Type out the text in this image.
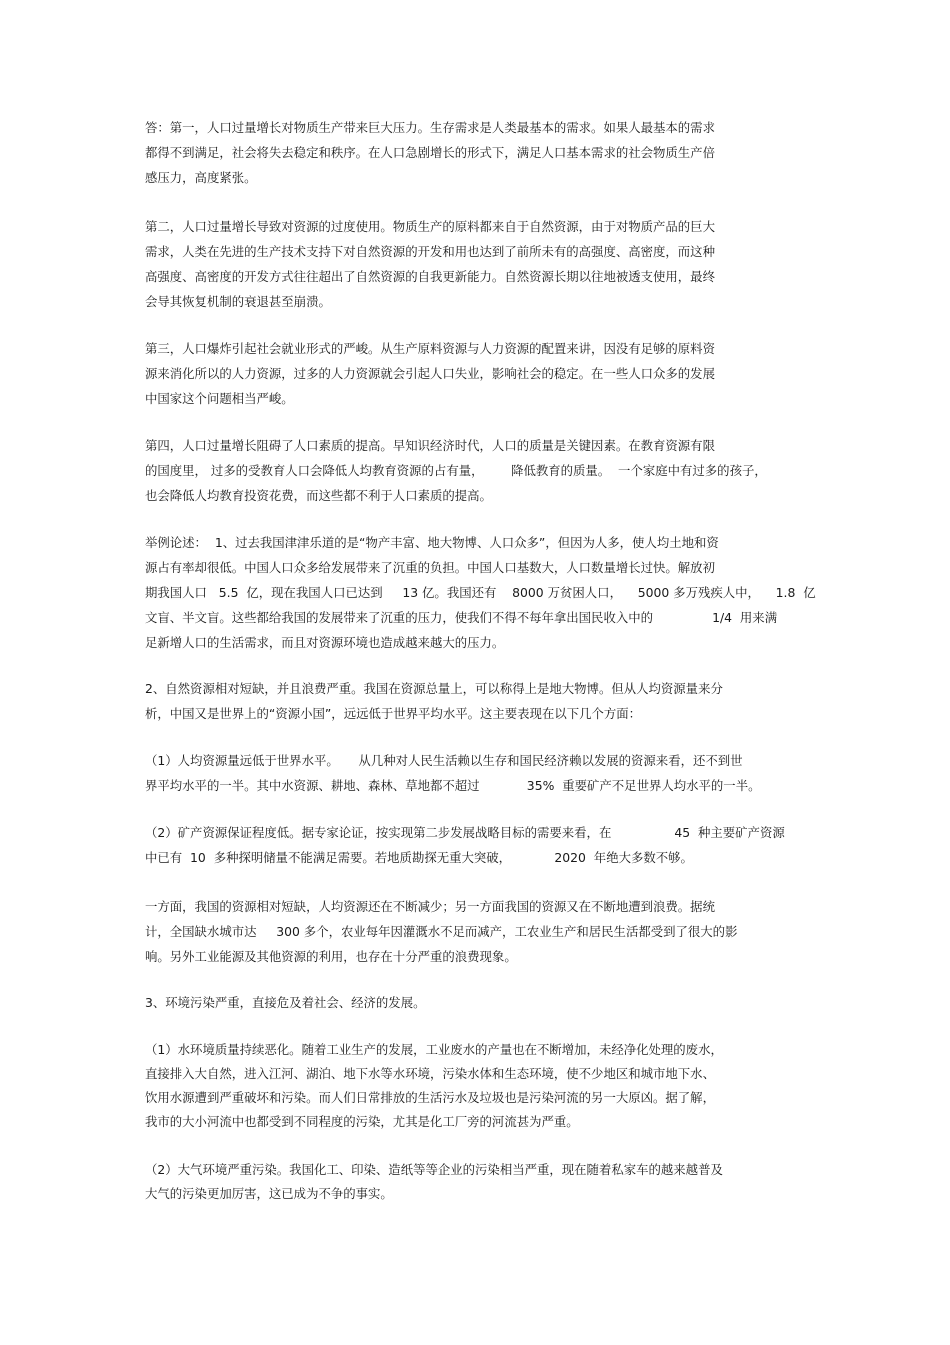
答：第一，人口过量增长对物质生产带来巨大压力。生存需求是人类最基本的需求。如果人最基本的需求
都得不到满足，社会将失去稳定和秩序。在人口急剧增长的形式下，满足人口基本需求的社会物质生产倍
感压力，高度紧张。

第二，人口过量增长导致对资源的过度使用。物质生产的原料都来自于自然资源，由于对物质产品的巨大
需求，人类在先进的生产技术支持下对自然资源的开发和用也达到了前所未有的高强度、高密度，而这种
高强度、高密度的开发方式往往超出了自然资源的自我更新能力。自然资源长期以往地被透支使用，最终
会导其恢复机制的衰退甚至崩溃。

第三，人口爆炸引起社会就业形式的严峻。从生产原料资源与人力资源的配置来讲，因没有足够的原料资
源来消化所以的人力资源，过多的人力资源就会引起人口失业，影响社会的稳定。在一些人口众多的发展
中国家这个问题相当严峻。

第四，人口过量增长阻碍了人口素质的提高。早知识经济时代，人口的质量是关键因素。在教育资源有限
的国度里， 过多的受教育人口会降低人均教育资源的占有量，       降低教育的质量。  一个家庭中有过多的孩子，
也会降低人均教育投资花费，而这些都不利于人口素质的提高。

举例论述：  1、过去我国津津乐道的是“物产丰富、地大物博、人口众多”，但因为人多，使人均土地和资
源占有率却很低。中国人口众多给发展带来了沉重的负担。中国人口基数大，人口数量增长过快。解放初
期我国人口   5.5  亿，现在我国人口已达到     13 亿。我国还有    8000 万贫困人口，    5000 多万残疾人中，    1.8  亿
文盲、半文盲。这些都给我国的发展带来了沉重的压力，使我们不得不每年拿出国民收入中的               1/4  用来满
足新增人口的生活需求，而且对资源环境也造成越来越大的压力。

2、自然资源相对短缺，并且浪费严重。我国在资源总量上，可以称得上是地大物博。但从人均资源量来分
析，中国又是世界上的“资源小国”，远远低于世界平均水平。这主要表现在以下几个方面：

（1）人均资源量远低于世界水平。     从几种对人民生活赖以生存和国民经济赖以发展的资源来看，还不到世
界平均水平的一半。其中水资源、耕地、森林、草地都不超过            35%  重要矿产不足世界人均水平的一半。

（2）矿产资源保证程度低。据专家论证，按实现第二步发展战略目标的需要来看，在                45  种主要矿产资源
中已有  10  多种探明储量不能满足需要。若地质勘探无重大突破，           2020  年绝大多数不够。

一方面，我国的资源相对短缺，人均资源还在不断减少；另一方面我国的资源又在不断地遭到浪费。据统
计，全国缺水城市达     300 多个，农业每年因灌溉水不足而减产，工农业生产和居民生活都受到了很大的影
响。另外工业能源及其他资源的利用，也存在十分严重的浪费现象。

3、环境污染严重，直接危及着社会、经济的发展。

（1）水环境质量持续恶化。随着工业生产的发展，工业废水的产量也在不断增加，未经净化处理的废水，
直接排入大自然，进入江河、湖泊、地下水等水环境，污染水体和生态环境，使不少地区和城市地下水、
饮用水源遭到严重破坏和污染。而人们日常排放的生活污水及垃圾也是污染河流的另一大原凶。据了解，
我市的大小河流中也都受到不同程度的污染，尤其是化工厂旁的河流甚为严重。

（2）大气环境严重污染。我国化工、印染、造纸等等企业的污染相当严重，现在随着私家车的越来越普及
大气的污染更加厉害，这已成为不争的事实。
